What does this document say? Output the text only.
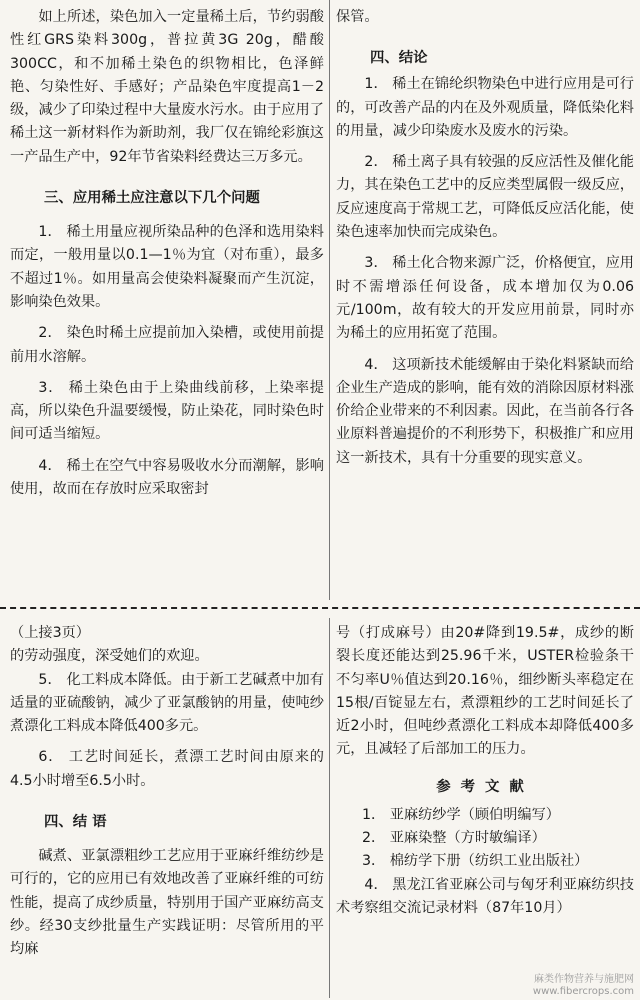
如上所述，染色加入一定量稀土后，节约弱酸性红GRS染料300g，普拉黄3G 20g，醋酸300CC，和不加稀土染色的织物相比，色泽鲜艳、匀染性好、手感好；产品染色牢度提高1－2级，减少了印染过程中大量废水污水。由于应用了稀土这一新材料作为新助剂，我厂仅在锦纶彩旗这一产品生产中，92年节省染料经费达三万多元。

三、应用稀土应注意以下几个问题

1． 稀土用量应视所染品种的色泽和选用染料而定，一般用量以0.1—1％为宜（对布重），最多不超过1％。如用量高会使染料凝聚而产生沉淀，影响染色效果。

2． 染色时稀土应提前加入染槽，或使用前提前用水溶解。

3． 稀土染色由于上染曲线前移，上染率提高，所以染色升温要缓慢，防止染花，同时染色时间可适当缩短。

4． 稀土在空气中容易吸收水分而潮解，影响使用，故而在存放时应采取密封

保管。

四、结论

1． 稀土在锦纶织物染色中进行应用是可行的，可改善产品的内在及外观质量，降低染化料的用量，减少印染废水及废水的污染。

2． 稀土离子具有较强的反应活性及催化能力，其在染色工艺中的反应类型属假一级反应，反应速度高于常规工艺，可降低反应活化能，使染色速率加快而完成染色。

3． 稀土化合物来源广泛，价格便宜，应用时不需增添任何设备，成本增加仅为0.06元/100m，故有较大的开发应用前景，同时亦为稀土的应用拓宽了范围。

4． 这项新技术能缓解由于染化料紧缺而给企业生产造成的影响，能有效的消除因原材料涨价给企业带来的不利因素。因此，在当前各行各业原料普遍提价的不利形势下，积极推广和应用这一新技术，具有十分重要的现实意义。

（上接3页）

的劳动强度，深受她们的欢迎。

5． 化工料成本降低。由于新工艺碱煮中加有适量的亚硫酸钠，减少了亚氯酸钠的用量，使吨纱煮漂化工料成本降低400多元。

6． 工艺时间延长，煮漂工艺时间由原来的4.5小时增至6.5小时。

四、结 语

碱煮、亚氯漂粗纱工艺应用于亚麻纤维纺纱是可行的，它的应用已有效地改善了亚麻纤维的可纺性能，提高了成纱质量，特别用于国产亚麻纺高支纱。经30支纱批量生产实践证明：尽管所用的平均麻

号（打成麻号）由20#降到19.5#，成纱的断裂长度还能达到25.96千米，USTER检验条干不匀率U％值达到20.16％，细纱断头率稳定在15根/百锭显左右，煮漂粗纱的工艺时间延长了近2小时，但吨纱煮漂化工料成本却降低400多元，且减轻了后部加工的压力。

参考文献

1． 亚麻纺纱学（顾伯明编写）

2． 亚麻染整（方时敏编译）

3． 棉纺学下册（纺织工业出版社）

4． 黑龙江省亚麻公司与匈牙利亚麻纺织技术考察组交流记录材料（87年10月）

麻类作物营养与施肥网
www.fibercrops.com
